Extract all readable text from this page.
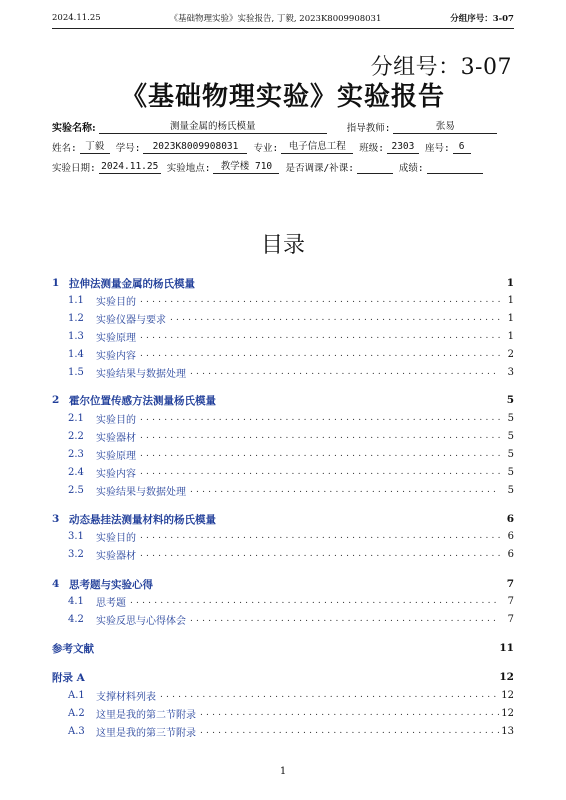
2024.11.25	《基础物理实验》实验报告, 丁毅, 2023K8009908031	分组序号：3-07
分组号：3-07
《基础物理实验》实验报告
实验名称:	测量金属的杨氏模量	指导教师:	张易
姓名: 丁毅	学号:	2023K8009908031	专业:	电子信息工程	班级: 2303	座号: 6
实验日期: 2024.11.25 实验地点:	教学楼 710	是否调课/补课:	成绩:
目录
1 拉伸法测量金属的杨氏模量	1
1.1	实验目的 .....	1
1.2	实验仪器与要求 .....	1
1.3	实验原理 .....	1
1.4	实验内容 .....	2
1.5	实验结果与数据处理 .....	3
2 霍尔位置传感方法测量杨氏模量	5
2.1	实验目的 .....	5
2.2	实验器材 .....	5
2.3	实验原理 .....	5
2.4	实验内容 .....	5
2.5	实验结果与数据处理 .....	5
3 动态悬挂法测量材料的杨氏模量	6
3.1	实验目的 .....	6
3.2	实验器材 .....	6
4 思考题与实验心得	7
4.1	思考题 .....	7
4.2	实验反思与心得体会 .....	7
参考文献	11
附录 A	12
A.1	支撑材料列表 .....	12
A.2	这里是我的第二节附录 .....	12
A.3	这里是我的第三节附录 .....	13
1
